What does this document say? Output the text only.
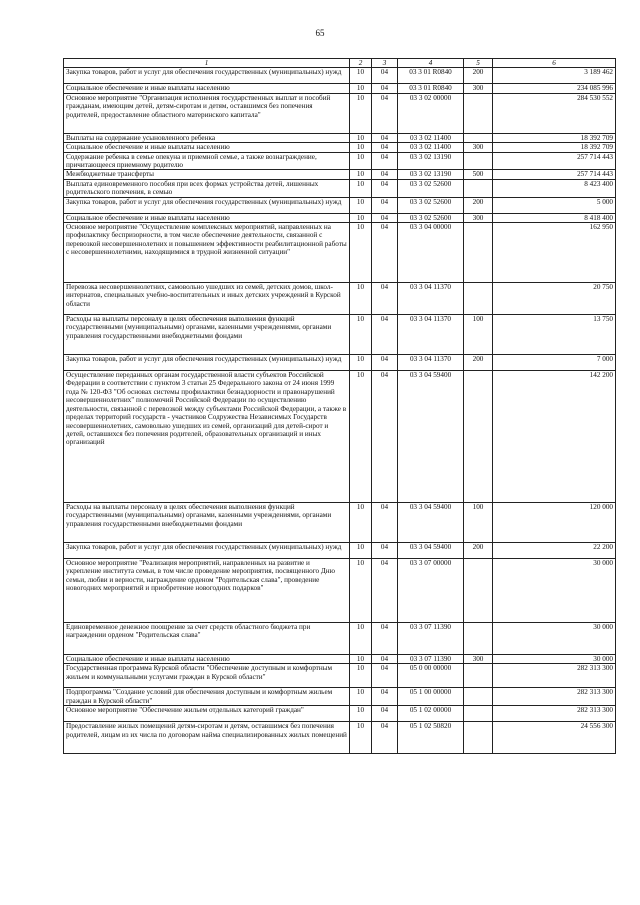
65
1	2	3	4	5	6
Закупка товаров, работ и услуг для обеспечения государственных (муниципальных) нужд	10	04	03 3 01 R0840	200	3 189 462
Социальное обеспечение и иные выплаты населению	10	04	03 3 01 R0840	300	234 085 996
Основное мероприятие "Организация исполнения государственных выплат и пособий гражданам, имеющим детей, детям-сиротам и детям, оставшимся без попечения родителей, предоставление областного материнского капитала"	10	04	03 3 02 00000		284 530 552
Выплаты на содержание усыновленного ребенка	10	04	03 3 02 11400		18 392 709
Социальное обеспечение и иные выплаты населению	10	04	03 3 02 11400	300	18 392 709
Содержание ребенка в семье опекуна и приемной семье, а также вознаграждение, причитающееся приемному родителю	10	04	03 3 02 13190		257 714 443
Межбюджетные трансферты	10	04	03 3 02 13190	500	257 714 443
Выплата единовременного пособия при всех формах устройства детей, лишенных родительского попечения, в семью	10	04	03 3 02 52600		8 423 400
Закупка товаров, работ и услуг для обеспечения государственных (муниципальных) нужд	10	04	03 3 02 52600	200	5 000
Социальное обеспечение и иные выплаты населению	10	04	03 3 02 52600	300	8 418 400
Основное мероприятие "Осуществление комплексных мероприятий, направленных на профилактику беспризорности, в том числе обеспечение деятельности, связанной с перевозкой несовершеннолетних и повышением эффективности реабилитационной работы с несовершеннолетними, находящимися в трудной жизненной ситуации"	10	04	03 3 04 00000		162 950
Перевозка несовершеннолетних, самовольно ушедших из семей, детских домов, школ-интернатов, специальных учебно-воспитательных и иных детских учреждений в Курской области	10	04	03 3 04 11370		20 750
Расходы на выплаты персоналу в целях обеспечения выполнения функций государственными (муниципальными) органами, казенными учреждениями, органами управления государственными внебюджетными фондами	10	04	03 3 04 11370	100	13 750
Закупка товаров, работ и услуг для обеспечения государственных (муниципальных) нужд	10	04	03 3 04 11370	200	7 000
Осуществление переданных органам государственной власти субъектов Российской Федерации в соответствии с пунктом 3 статьи 25 Федерального закона от 24 июня 1999 года № 120-ФЗ "Об основах системы профилактики безнадзорности и правонарушений несовершеннолетних" полномочий Российской Федерации по осуществлению деятельности, связанной с перевозкой между субъектами Российской Федерации, а также в пределах территорий государств - участников Содружества Независимых Государств несовершеннолетних, самовольно ушедших из семей, организаций для детей-сирот и детей, оставшихся без попечения родителей, образовательных организаций и иных организаций	10	04	03 3 04 59400		142 200
Расходы на выплаты персоналу в целях обеспечения выполнения функций государственными (муниципальными) органами, казенными учреждениями, органами управления государственными внебюджетными фондами	10	04	03 3 04 59400	100	120 000
Закупка товаров, работ и услуг для обеспечения государственных (муниципальных) нужд	10	04	03 3 04 59400	200	22 200
Основное мероприятие "Реализация мероприятий, направленных на развитие и укрепление института семьи, в том числе проведение мероприятия, посвященного Дню семьи, любви и верности, награждение орденом "Родительская слава", проведение новогодних мероприятий и приобретение новогодних подарков"	10	04	03 3 07 00000		30 000
Единовременное денежное поощрение за счет средств областного бюджета при награждении орденом "Родительская слава"	10	04	03 3 07 11390		30 000
Социальное обеспечение и иные выплаты населению	10	04	03 3 07 11390	300	30 000
Государственная программа Курской области "Обеспечение доступным и комфортным жильем и коммунальными услугами граждан в Курской области"	10	04	05 0 00 00000		282 313 300
Подпрограмма "Создание условий для обеспечения доступным и комфортным жильем граждан в Курской области"	10	04	05 1 00 00000		282 313 300
Основное мероприятие "Обеспечение жильем отдельных категорий граждан"	10	04	05 1 02 00000		282 313 300
Предоставление жилых помещений детям-сиротам и детям, оставшимся без попечения родителей, лицам из их числа по договорам найма специализированных жилых помещений	10	04	05 1 02 50820		24 556 300
